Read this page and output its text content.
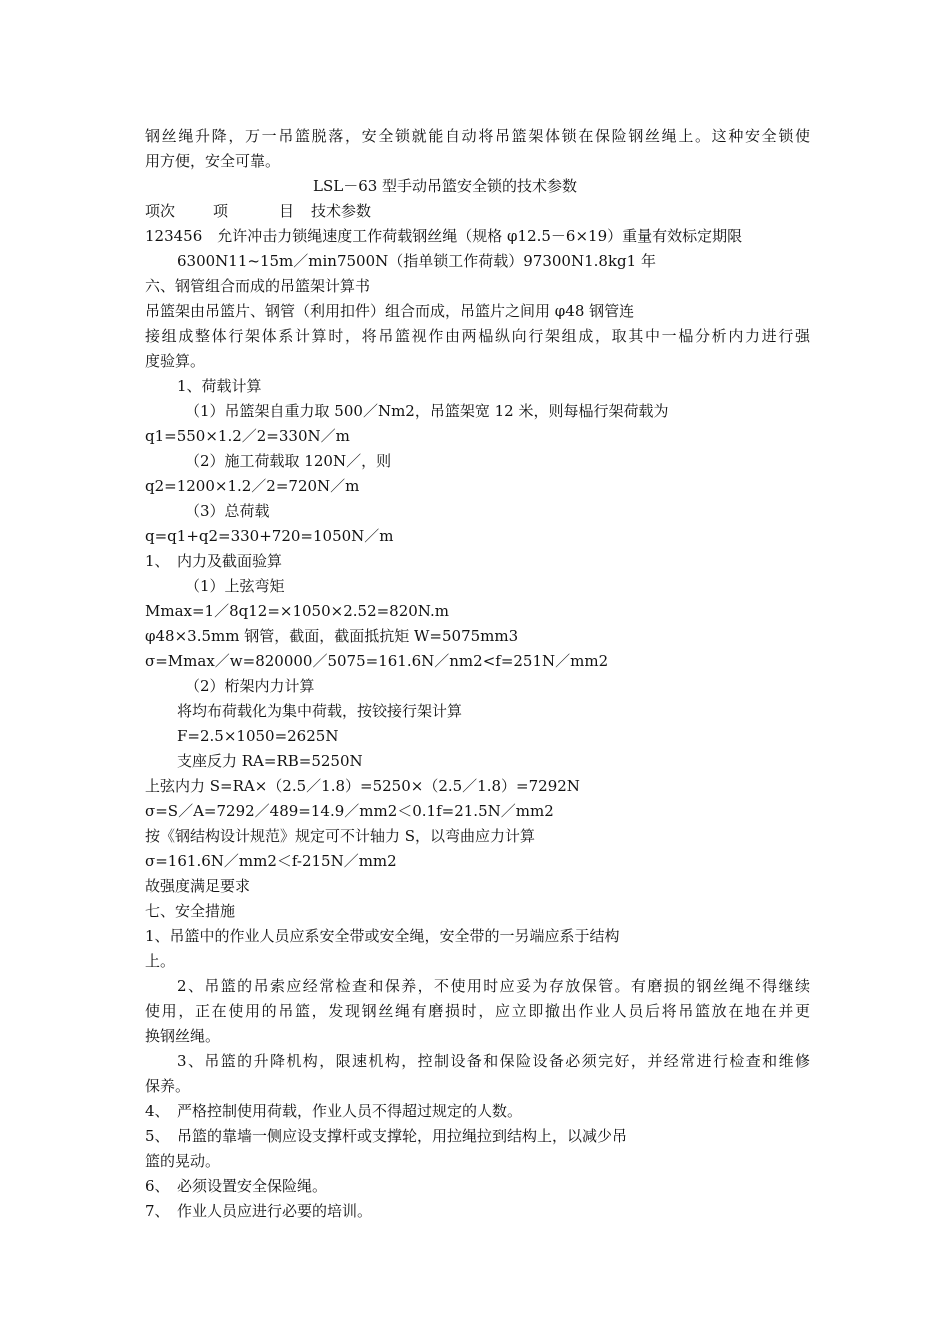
钢丝绳升降，万一吊篮脱落，安全锁就能自动将吊篮架体锁在保险钢丝绳上。这种安全锁使
用方便，安全可靠。
LSL－63 型手动吊篮安全锁的技术参数
项次	项	目 技术参数
123456　允许冲击力锁绳速度工作荷载钢丝绳（规格 φ12.5－6×19）重量有效标定期限
6300N11~15m／min7500N（指单锁工作荷载）97300N1.8kg1 年
六、钢管组合而成的吊篮架计算书
吊篮架由吊篮片、钢管（利用扣件）组合而成，吊篮片之间用 φ48 钢管连
接组成整体行架体系计算时，将吊篮视作由两榀纵向行架组成，取其中一榀分析内力进行强
度验算。
1、荷载计算
（1）吊篮架自重力取 500／Nm2，吊篮架宽 12 米，则每榀行架荷载为
q1=550×1.2／2=330N／m
（2）施工荷载取 120N／，则
q2=1200×1.2／2=720N／m
（3）总荷载
q=q1+q2=330+720=1050N／m
1、　内力及截面验算
（1）上弦弯矩
Mmax=1／8q12=×1050×2.52=820N.m
φ48×3.5mm 钢管，截面，截面抵抗矩 W=5075mm3
σ=Mmax／w=820000／5075=161.6N／nm2<f=251N／mm2
（2）桁架内力计算
将均布荷载化为集中荷载，按铰接行架计算
F=2.5×1050=2625N
支座反力 RA=RB=5250N
上弦内力 S=RA×（2.5／1.8）=5250×（2.5／1.8）=7292N
σ=S／A=7292／489=14.9／mm2＜0.1f=21.5N／mm2
按《钢结构设计规范》规定可不计轴力 S，以弯曲应力计算
σ=161.6N／mm2＜f-215N／mm2
故强度满足要求
七、安全措施
1、吊篮中的作业人员应系安全带或安全绳，安全带的一另端应系于结构
上。
2、吊篮的吊索应经常检查和保养，不使用时应妥为存放保管。有磨损的钢丝绳不得继续
使用，正在使用的吊篮，发现钢丝绳有磨损时，应立即撤出作业人员后将吊篮放在地在并更
换钢丝绳。
3、吊篮的升降机构，限速机构，控制设备和保险设备必须完好，并经常进行检查和维修
保养。
4、　严格控制使用荷载，作业人员不得超过规定的人数。
5、　吊篮的靠墙一侧应设支撑杆或支撑轮，用拉绳拉到结构上，以减少吊
篮的晃动。
6、　必须设置安全保险绳。
7、　作业人员应进行必要的培训。
